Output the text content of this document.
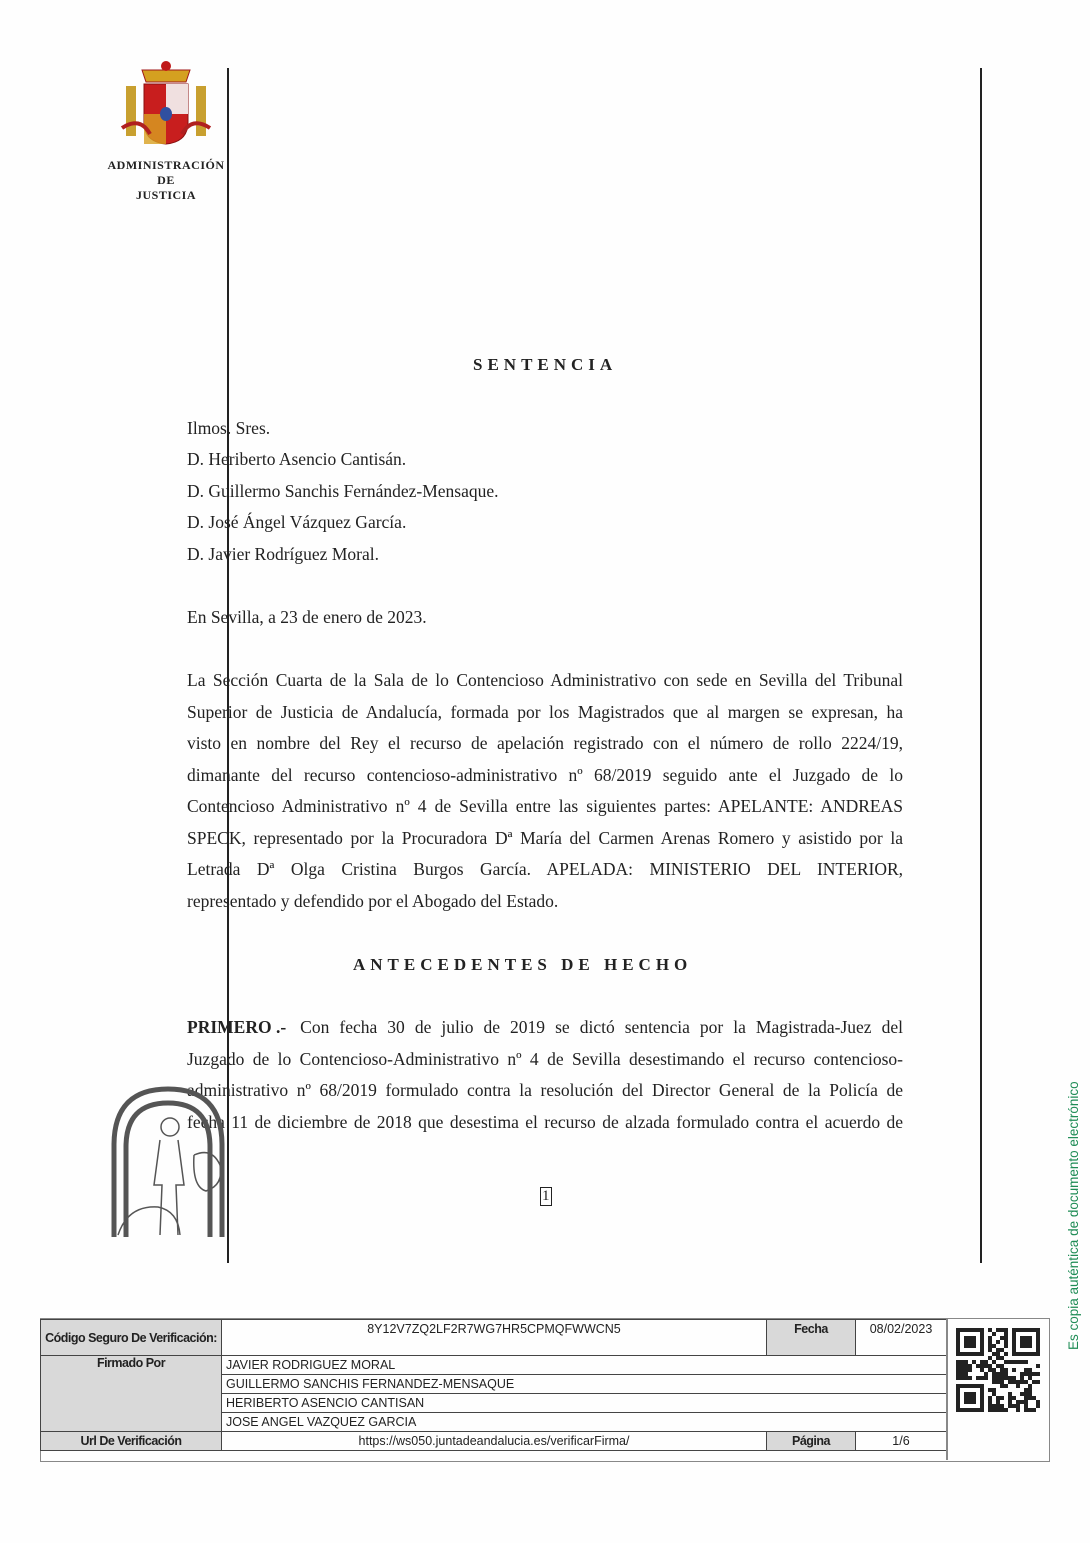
ADMINISTRACIÓN
DE
JUSTICIA
SENTENCIA
Ilmos. Sres.
D. Heriberto Asencio Cantisán.
D. Guillermo Sanchis Fernández-Mensaque.
D. José Ángel Vázquez García.
D. Javier Rodríguez Moral.
En Sevilla, a 23 de enero de 2023.
La Sección Cuarta de la Sala de lo Contencioso Administrativo con sede en Sevilla del Tribunal
Superior de Justicia de Andalucía, formada por los Magistrados que al margen se expresan, ha
visto en nombre del Rey el recurso de apelación registrado con el número de rollo 2224/19,
dimanante del recurso contencioso-administrativo nº 68/2019 seguido ante el Juzgado de lo
Contencioso Administrativo nº 4 de Sevilla entre las siguientes partes: APELANTE: ANDREAS
SPECK, representado por la Procuradora Dª María del Carmen Arenas Romero y asistido por la
Letrada Dª Olga Cristina Burgos García. APELADA: MINISTERIO DEL INTERIOR,
representado y defendido por el Abogado del Estado.
ANTECEDENTES DE HECHO
PRIMERO .- Con fecha 30 de julio de 2019 se dictó sentencia por la Magistrada-Juez del
Juzgado de lo Contencioso-Administrativo nº 4 de Sevilla desestimando el recurso contencioso-
administrativo nº 68/2019 formulado contra la resolución del Director General de la Policía de
fecha 11 de diciembre de 2018 que desestima el recurso de alzada formulado contra el acuerdo de
1
Código Seguro De Verificación:	8Y12V7ZQ2LF2R7WG7HR5CPMQFWWCN5	Fecha	08/02/2023
Firmado Por	JAVIER RODRIGUEZ MORAL		
	GUILLERMO SANCHIS FERNANDEZ-MENSAQUE		
	HERIBERTO ASENCIO CANTISAN		
	JOSE ANGEL VAZQUEZ GARCIA		
Url De Verificación	https://ws050.juntadeandalucia.es/verificarFirma/	Página	1/6
Es copia auténtica de documento electrónico
